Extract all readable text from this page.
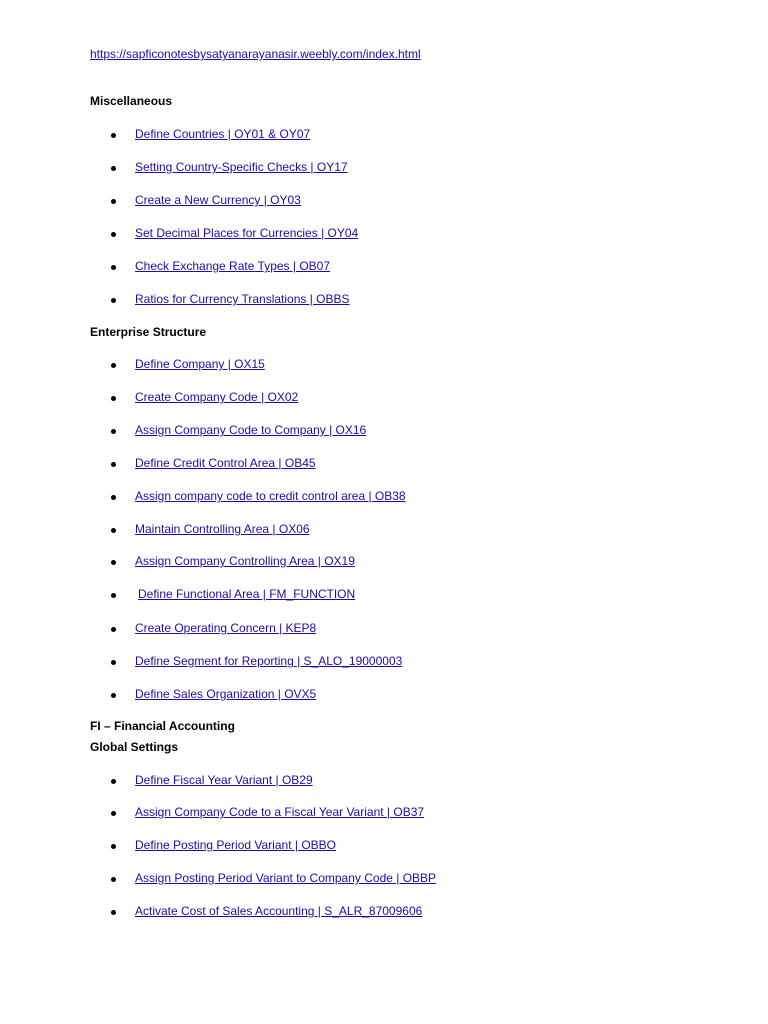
https://sapficonotesbysatyanarayanasir.weebly.com/index.html
Miscellaneous
Define Countries | OY01 & OY07
Setting Country-Specific Checks | OY17
Create a New Currency | OY03
Set Decimal Places for Currencies | OY04
Check Exchange Rate Types | OB07
Ratios for Currency Translations | OBBS
Enterprise Structure
Define Company | OX15
Create Company Code | OX02
Assign Company Code to Company | OX16
Define Credit Control Area | OB45
Assign company code to credit control area | OB38
Maintain Controlling Area | OX06
Assign Company Controlling Area | OX19
Define Functional Area | FM_FUNCTION
Create Operating Concern | KEP8
Define Segment for Reporting | S_ALO_19000003
Define Sales Organization | OVX5
FI – Financial Accounting
Global Settings
Define Fiscal Year Variant | OB29
Assign Company Code to a Fiscal Year Variant | OB37
Define Posting Period Variant | OBBO
Assign Posting Period Variant to Company Code | OBBP
Activate Cost of Sales Accounting | S_ALR_87009606
